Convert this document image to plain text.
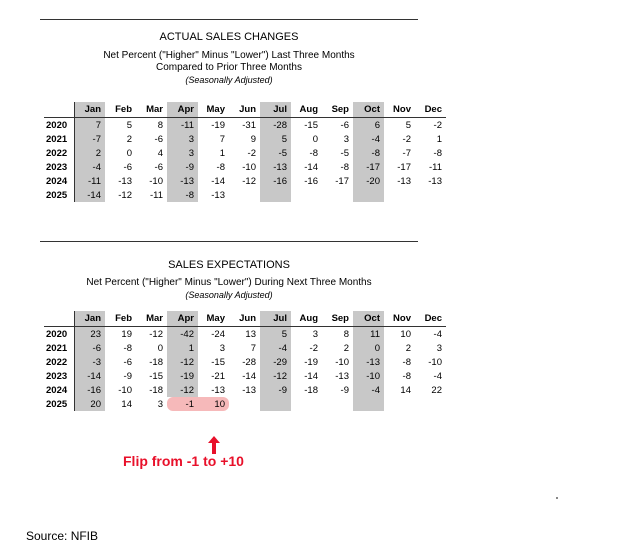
ACTUAL SALES CHANGES
Net Percent ("Higher" Minus "Lower") Last Three Months
Compared to Prior Three Months
(Seasonally Adjusted)
	Jan	Feb	Mar	Apr	May	Jun	Jul	Aug	Sep	Oct	Nov	Dec
2020	7	5	8	-11	-19	-31	-28	-15	-6	6	5	-2
2021	-7	2	-6	3	7	9	5	0	3	-4	-2	1
2022	2	0	4	3	1	-2	-5	-8	-5	-8	-7	-8
2023	-4	-6	-6	-9	-8	-10	-13	-14	-8	-17	-17	-11
2024	-11	-13	-10	-13	-14	-12	-16	-16	-17	-20	-13	-13
2025	-14	-12	-11	-8	-13							
SALES EXPECTATIONS
Net Percent ("Higher" Minus "Lower") During Next Three Months
(Seasonally Adjusted)
	Jan	Feb	Mar	Apr	May	Jun	Jul	Aug	Sep	Oct	Nov	Dec
2020	23	19	-12	-42	-24	13	5	3	8	11	10	-4
2021	-6	-8	0	1	3	7	-4	-2	2	0	2	3
2022	-3	-6	-18	-12	-15	-28	-29	-19	-10	-13	-8	-10
2023	-14	-9	-15	-19	-21	-14	-12	-14	-13	-10	-8	-4
2024	-16	-10	-18	-12	-13	-13	-9	-18	-9	-4	14	22
2025	20	14	3	-1	10							
Flip from -1 to +10
Source: NFIB
